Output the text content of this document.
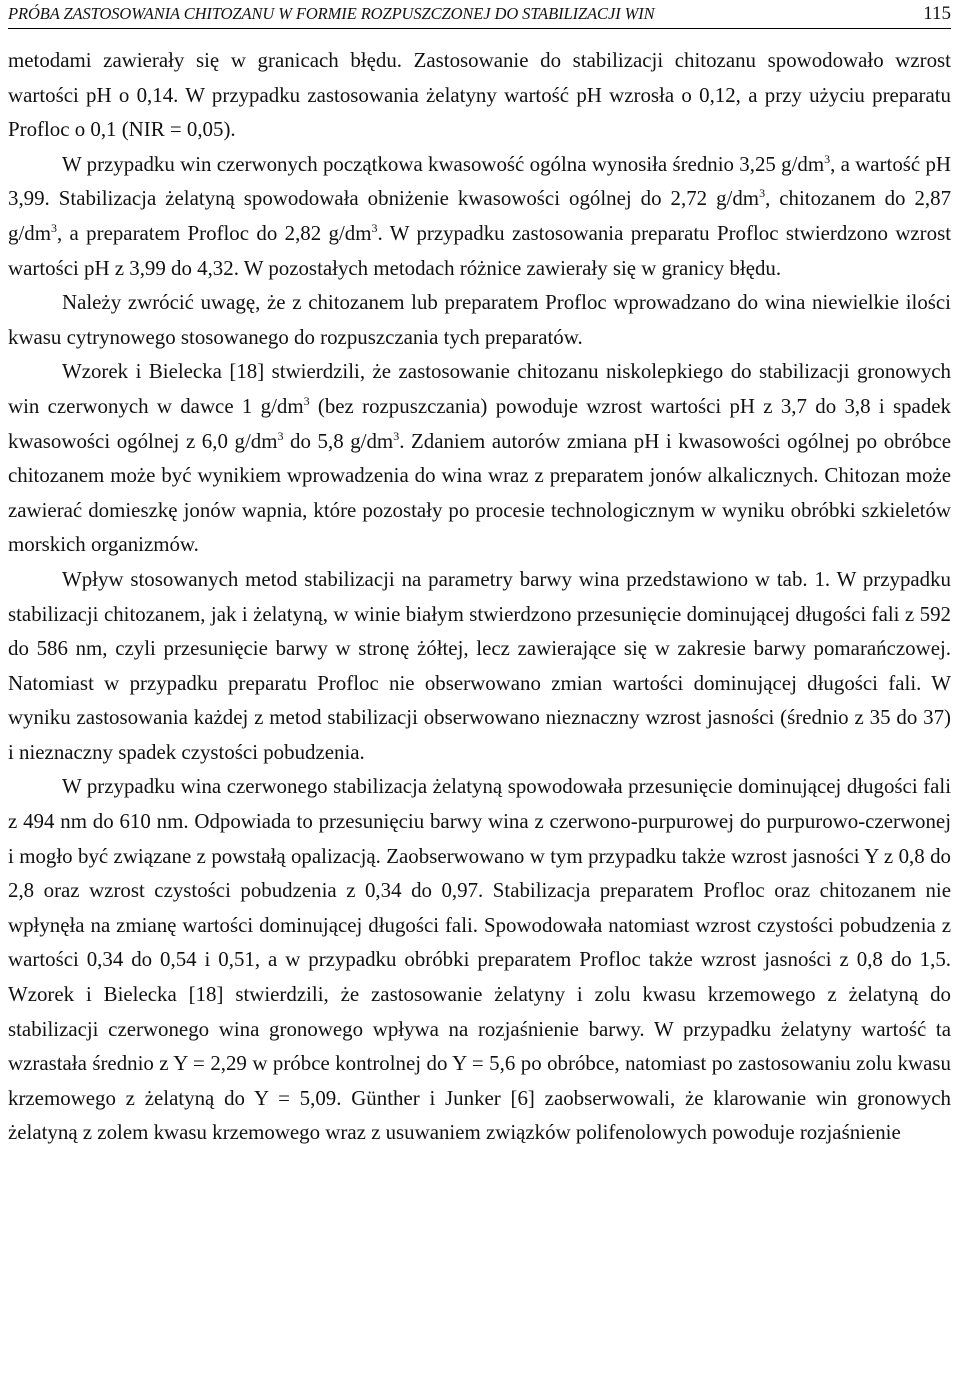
PRÓBA ZASTOSOWANIA CHITOZANU W FORMIE ROZPUSZCZONEJ DO STABILIZACJI WIN	115

metodami zawierały się w granicach błędu. Zastosowanie do stabilizacji chitozanu spowodowało wzrost wartości pH o 0,14. W przypadku zastosowania żelatyny wartość pH wzrosła o 0,12, a przy użyciu preparatu Profloc o 0,1 (NIR = 0,05).

W przypadku win czerwonych początkowa kwasowość ogólna wynosiła średnio 3,25 $g/dm^3$, a wartość pH 3,99. Stabilizacja żelatyną spowodowała obniżenie kwasowości ogólnej do 2,72 $g/dm^3$, chitozanem do 2,87 $g/dm^3$, a preparatem Profloc do 2,82 $g/dm^3$. W przypadku zastosowania preparatu Profloc stwierdzono wzrost wartości pH z 3,99 do 4,32. W pozostałych metodach różnice zawierały się w granicy błędu.

Należy zwrócić uwagę, że z chitozanem lub preparatem Profloc wprowadzano do wina niewielkie ilości kwasu cytrynowego stosowanego do rozpuszczania tych preparatów.

Wzorek i Bielecka [18] stwierdzili, że zastosowanie chitozanu niskolepkiego do stabilizacji gronowych win czerwonych w dawce 1 $g/dm^3$ (bez rozpuszczania) powoduje wzrost wartości pH z 3,7 do 3,8 i spadek kwasowości ogólnej z 6,0 $g/dm^3$ do 5,8 $g/dm^3$. Zdaniem autorów zmiana pH i kwasowości ogólnej po obróbce chitozanem może być wynikiem wprowadzenia do wina wraz z preparatem jonów alkalicznych. Chitozan może zawierać domieszkę jonów wapnia, które pozostały po procesie technologicznym w wyniku obróbki szkieletów morskich organizmów.

Wpływ stosowanych metod stabilizacji na parametry barwy wina przedstawiono w tab. 1. W przypadku stabilizacji chitozanem, jak i żelatyną, w winie białym stwierdzono przesunięcie dominującej długości fali z 592 do 586 nm, czyli przesunięcie barwy w stronę żółtej, lecz zawierające się w zakresie barwy pomarańczowej. Natomiast w przypadku preparatu Profloc nie obserwowano zmian wartości dominującej długości fali. W wyniku zastosowania każdej z metod stabilizacji obserwowano nieznaczny wzrost jasności (średnio z 35 do 37) i nieznaczny spadek czystości pobudzenia.

W przypadku wina czerwonego stabilizacja żelatyną spowodowała przesunięcie dominującej długości fali z 494 nm do 610 nm. Odpowiada to przesunięciu barwy wina z czerwono-purpurowej do purpurowo-czerwonej i mogło być związane z powstałą opalizacją. Zaobserwowano w tym przypadku także wzrost jasności Y z 0,8 do 2,8 oraz wzrost czystości pobudzenia z 0,34 do 0,97. Stabilizacja preparatem Profloc oraz chitozanem nie wpłynęła na zmianę wartości dominującej długości fali. Spowodowała natomiast wzrost czystości pobudzenia z wartości 0,34 do 0,54 i 0,51, a w przypadku obróbki preparatem Profloc także wzrost jasności z 0,8 do 1,5. Wzorek i Bielecka [18] stwierdzili, że zastosowanie żelatyny i zolu kwasu krzemowego z żelatyną do stabilizacji czerwonego wina gronowego wpływa na rozjaśnienie barwy. W przypadku żelatyny wartość ta wzrastała średnio z Y = 2,29 w próbce kontrolnej do Y = 5,6 po obróbce, natomiast po zastosowaniu zolu kwasu krzemowego z żelatyną do Y = 5,09. Günther i Junker [6] zaobserwowali, że klarowanie win gronowych żelatyną z zolem kwasu krzemowego wraz z usuwaniem związków polifenolowych powoduje rozjaśnienie
